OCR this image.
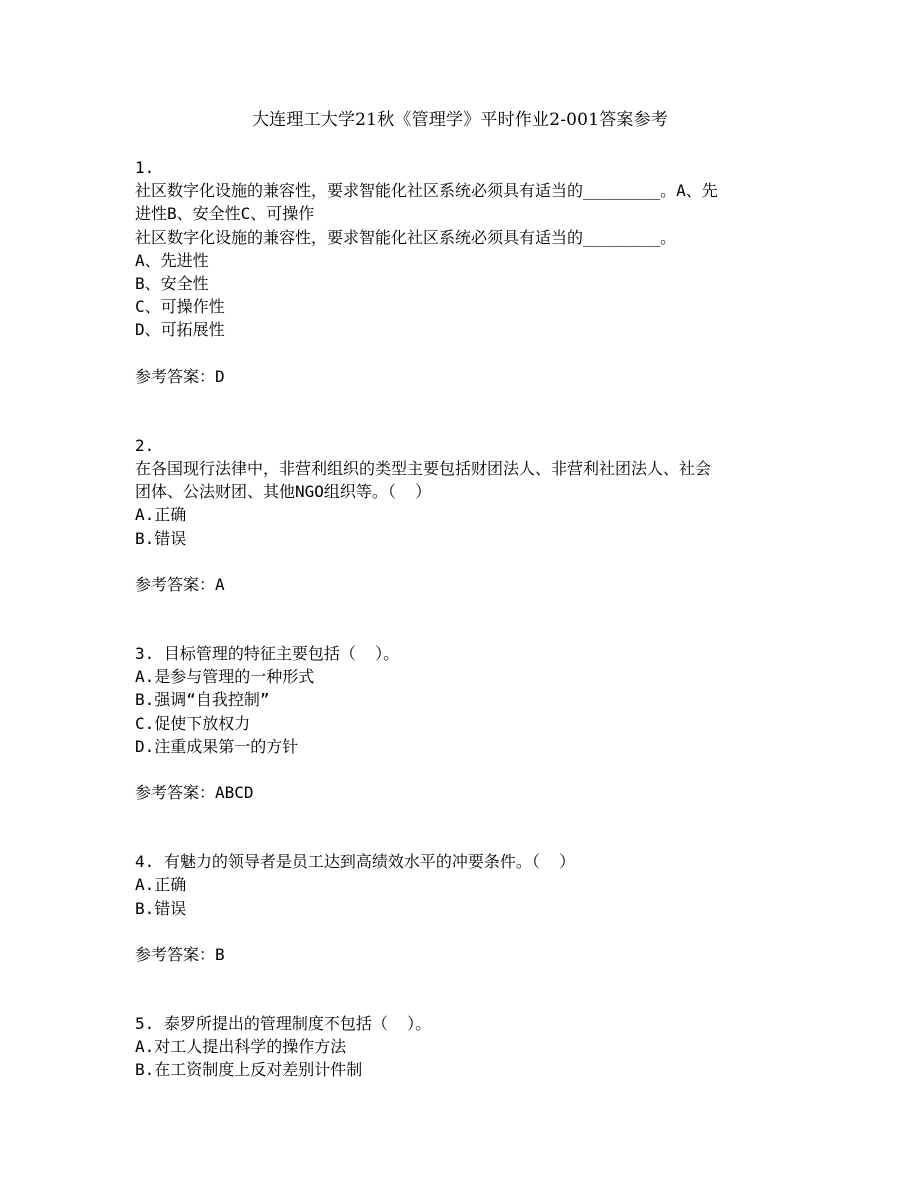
大连理工大学21秋《管理学》平时作业2-001答案参考
1.
社区数字化设施的兼容性，要求智能化社区系统必须具有适当的________。A、先
进性B、安全性C、可操作
社区数字化设施的兼容性，要求智能化社区系统必须具有适当的________。
A、先进性
B、安全性
C、可操作性
D、可拓展性
参考答案：D
2.
在各国现行法律中，非营利组织的类型主要包括财团法人、非营利社团法人、社会
团体、公法财团、其他NGO组织等。（  ）
A.正确
B.错误
参考答案：A
3. 目标管理的特征主要包括（  ）。
A.是参与管理的一种形式
B.强调“自我控制”
C.促使下放权力
D.注重成果第一的方针
参考答案：ABCD
4. 有魅力的领导者是员工达到高绩效水平的冲要条件。（  ）
A.正确
B.错误
参考答案：B
5. 泰罗所提出的管理制度不包括（  ）。
A.对工人提出科学的操作方法
B.在工资制度上反对差别计件制
